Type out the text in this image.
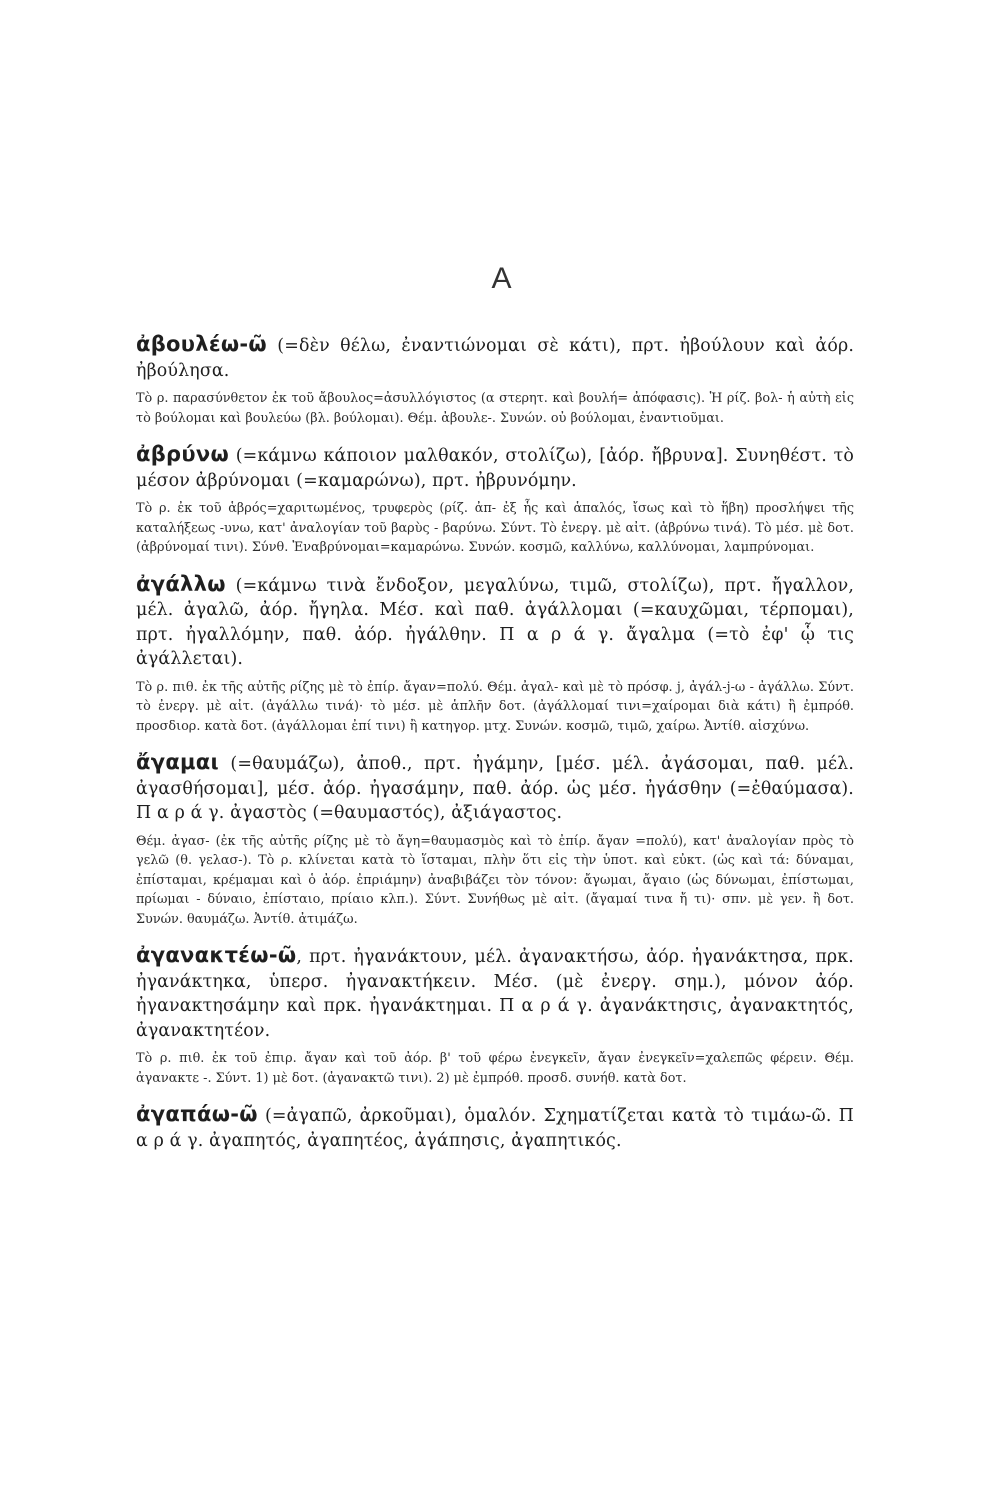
A
ἀβουλέω-ῶ (=δὲν θέλω, ἐναντιώνομαι σὲ κάτι), πρτ. ἠβούλουν καὶ ἀόρ. ἠβούλησα.
Τὸ ρ. παρασύνθετον ἐκ τοῦ ἄβουλος=ἀσυλλόγιστος (α στερητ. καὶ βουλή= ἀπόφασις). Ἡ ρίζ. βολ- ἡ αὐτὴ εἰς τὸ βούλομαι καὶ βουλεύω (βλ. βούλομαι). Θέμ. ἀβουλε-. Συνών. οὐ βούλομαι, ἐναντιοῦμαι.
ἀβρύνω (=κάμνω κάποιον μαλθακόν, στολίζω), [ἀόρ. ἤβρυνα]. Συνηθέστ. τὸ μέσον ἀβρύνομαι (=καμαρώνω), πρτ. ἠβρυνόμην.
Τὸ ρ. ἐκ τοῦ ἁβρός=χαριτωμένος, τρυφερὸς (ρίζ. ἀπ- ἐξ ἧς καὶ ἁπαλός, ἴσως καὶ τὸ ἥβη) προσλήψει τῆς καταλήξεως -υνω, κατ' ἀναλογίαν τοῦ βαρὺς - βαρύνω. Σύντ. Τὸ ἐνεργ. μὲ αἰτ. (ἀβρύνω τινά). Τὸ μέσ. μὲ δοτ. (ἀβρύνομαί τινι). Σύνθ. Ἐναβρύνομαι=καμαρώνω. Συνών. κοσμῶ, καλλύνω, καλλύνομαι, λαμπρύνομαι.
ἀγάλλω (=κάμνω τινὰ ἔνδοξον, μεγαλύνω, τιμῶ, στολίζω), πρτ. ἤγαλλον, μέλ. ἀγαλῶ, ἀόρ. ἤγηλα. Μέσ. καὶ παθ. ἀγάλλομαι (=καυχῶμαι, τέρπομαι), πρτ. ἠγαλλόμην, παθ. ἀόρ. ἠγάλθην. Π α ρ ά γ. ἄγαλμα (=τὸ ἐφ' ᾧ τις ἀγάλλεται).
Τὸ ρ. πιθ. ἐκ τῆς αὐτῆς ρίζης μὲ τὸ ἐπίρ. ἄγαν=πολύ. Θέμ. ἀγαλ- καὶ μὲ τὸ πρόσφ. j, ἀγάλ-j-ω - ἀγάλλω. Σύντ. τὸ ἐνεργ. μὲ αἰτ. (ἀγάλλω τινά)· τὸ μέσ. μὲ ἁπλῆν δοτ. (ἀγάλλομαί τινι=χαίρομαι διὰ κάτι) ἢ ἐμπρόθ. προσδιορ. κατὰ δοτ. (ἀγάλλομαι ἐπί τινι) ἢ κατηγορ. μτχ. Συνών. κοσμῶ, τιμῶ, χαίρω. Ἀντίθ. αἰσχύνω.
ἄγαμαι (=θαυμάζω), ἀποθ., πρτ. ἠγάμην, [μέσ. μέλ. ἀγάσομαι, παθ. μέλ. ἀγασθήσομαι], μέσ. ἀόρ. ἠγασάμην, παθ. ἀόρ. ὡς μέσ. ἠγάσθην (=ἐθαύμασα). Π α ρ ά γ. ἀγαστὸς (=θαυμαστός), ἀξιάγαστος.
Θέμ. ἀγασ- (ἐκ τῆς αὐτῆς ρίζης μὲ τὸ ἄγη=θαυμασμὸς καὶ τὸ ἐπίρ. ἄγαν =πολύ), κατ' ἀναλογίαν πρὸς τὸ γελῶ (θ. γελασ-). Τὸ ρ. κλίνεται κατὰ τὸ ἵσταμαι, πλὴν ὅτι εἰς τὴν ὑποτ. καὶ εὐκτ. (ὡς καὶ τά: δύναμαι, ἐπίσταμαι, κρέμαμαι καὶ ὁ ἀόρ. ἐπριάμην) ἀναβιβάζει τὸν τόνον: ἄγωμαι, ἄγαιο (ὡς δύνωμαι, ἐπίστωμαι, πρίωμαι - δύναιο, ἐπίσταιο, πρίαιο κλπ.). Σύντ. Συνήθως μὲ αἰτ. (ἄγαμαί τινα ἤ τι)· σπν. μὲ γεν. ἢ δοτ. Συνών. θαυμάζω. Ἀντίθ. ἀτιμάζω.
ἀγανακτέω-ῶ, πρτ. ἠγανάκτουν, μέλ. ἀγανακτήσω, ἀόρ. ἠγανάκτησα, πρκ. ἠγανάκτηκα, ὑπερσ. ἠγανακτήκειν. Μέσ. (μὲ ἐνεργ. σημ.), μόνον ἀόρ. ἠγανακτησάμην καὶ πρκ. ἠγανάκτημαι. Π α ρ ά γ. ἀγανάκτησις, ἀγανακτητός, ἀγανακτητέον.
Τὸ ρ. πιθ. ἐκ τοῦ ἐπιρ. ἄγαν καὶ τοῦ ἀόρ. β' τοῦ φέρω ἐνεγκεῖν, ἄγαν ἐνεγκεῖν=χαλεπῶς φέρειν. Θέμ. ἀγανακτε -. Σύντ. 1) μὲ δοτ. (ἀγανακτῶ τινι). 2) μὲ ἐμπρόθ. προσδ. συνήθ. κατὰ δοτ.
ἀγαπάω-ῶ (=ἀγαπῶ, ἀρκοῦμαι), ὁμαλόν. Σχηματίζεται κατὰ τὸ τιμάω-ῶ. Π α ρ ά γ. ἀγαπητός, ἀγαπητέος, ἀγάπησις, ἀγαπητικός.
